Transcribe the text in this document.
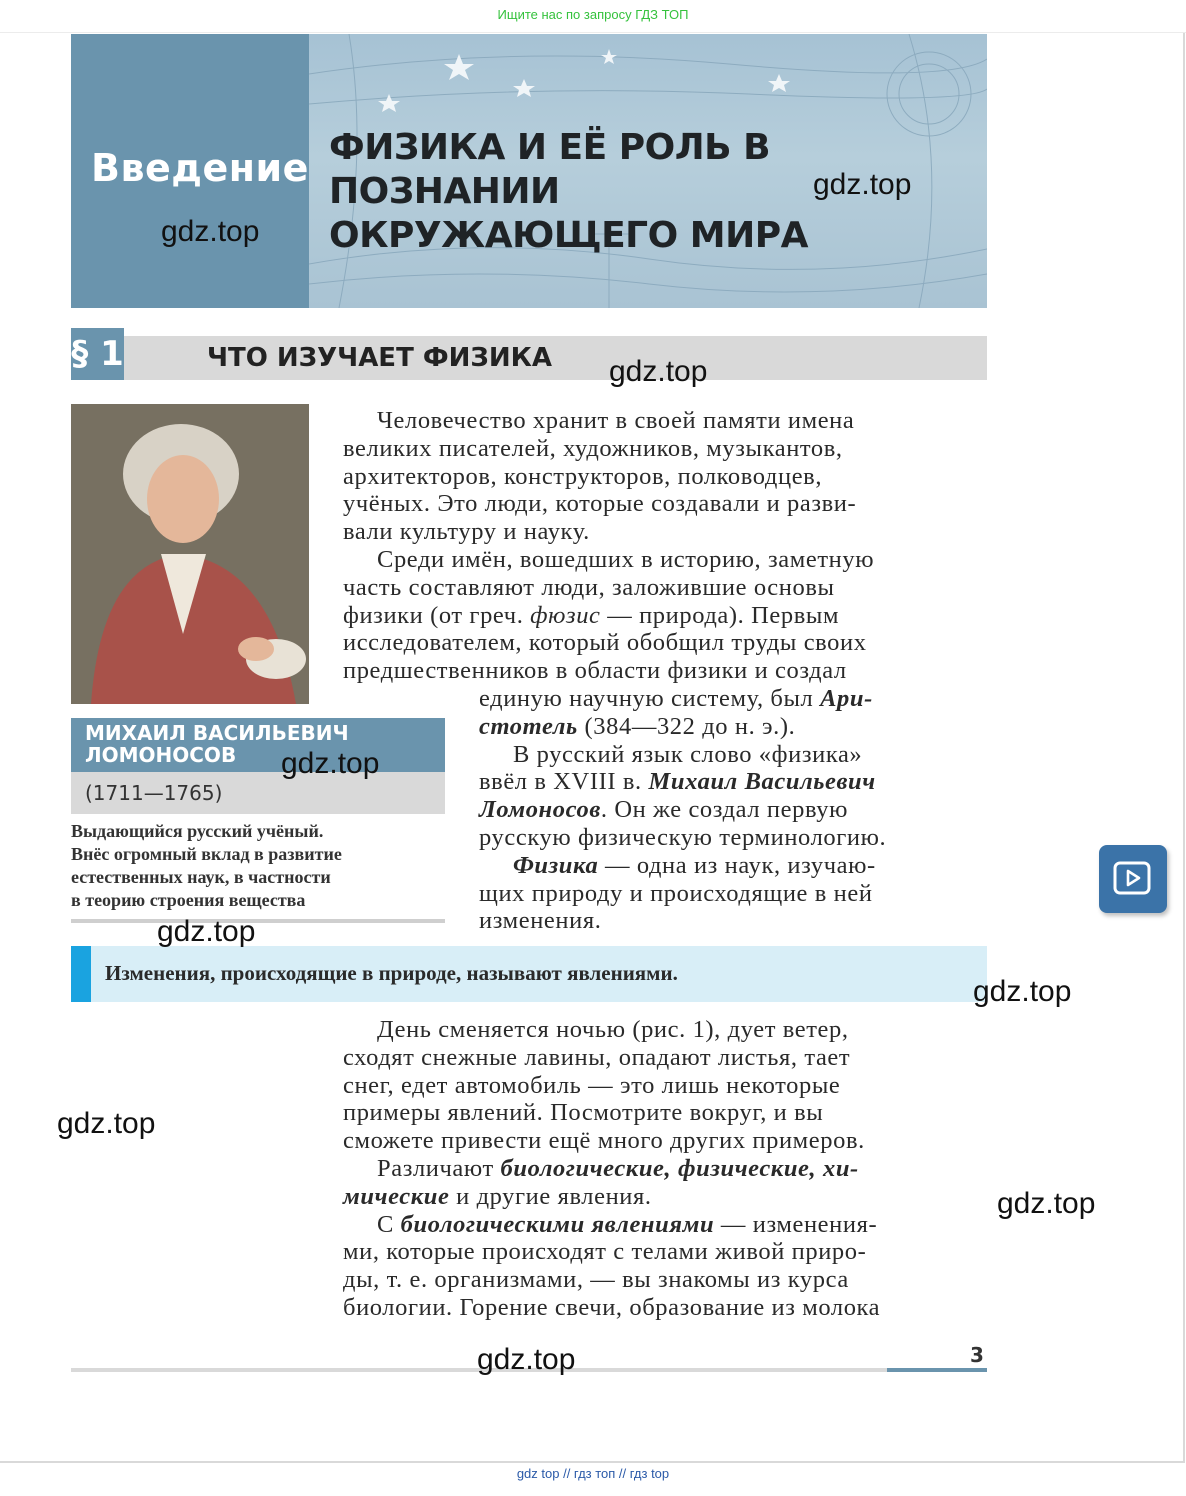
Ищите нас по запросу ГДЗ ТОП
Введение ФИЗИКА И ЕЁ РОЛЬ В ПОЗНАНИИ
ОКРУЖАЮЩЕГО МИРА
§ 1	ЧТО ИЗУЧАЕТ ФИЗИКА
МИХАИЛ ВАСИЛЬЕВИЧ
ЛОМОНОСОВ
(1711—1765)
Выдающийся русский учёный.
Внёс огромный вклад в развитие
естественных наук, в частности
в теорию строения вещества

Человечество хранит в своей памяти имена

великих писателей, художников, музыкантов,

архитекторов, конструкторов, полководцев,

учёных. Это люди, которые создавали и разви-

вали культуру и науку.

Среди имён, вошедших в историю, заметную

часть составляют люди, заложившие основы

физики (от греч. фюзис — природа). Первым

исследователем, который обобщил труды своих

предшественников в области физики и создал

единую научную систему, был Ари-

стотель (384—322 до н. э.).

В русский язык слово «физика»

ввёл в XVIII в. Михаил Васильевич

Ломоносов. Он же создал первую

русскую физическую терминологию.

Физика — одна из наук, изучаю-

щих природу и происходящие в ней

изменения.

Изменения, происходящие в природе, называют явлениями.

День сменяется ночью (рис. 1), дует ветер,

сходят снежные лавины, опадают листья, тает

снег, едет автомобиль — это лишь некоторые

примеры явлений. Посмотрите вокруг, и вы

сможете привести ещё много других примеров.

Различают биологические, физические, хи-

мические и другие явления.

С биологическими явлениями — изменения-

ми, которые происходят с телами живой приро-

ды, т. е. организмами, — вы знакомы из курса

биологии. Горение свечи, образование из молока

3
gdz.top
gdz.top
gdz.top
gdz.top
gdz.top
gdz.top
gdz.top
gdz.top
gdz.top
gdz top // гдз топ // гдз top
